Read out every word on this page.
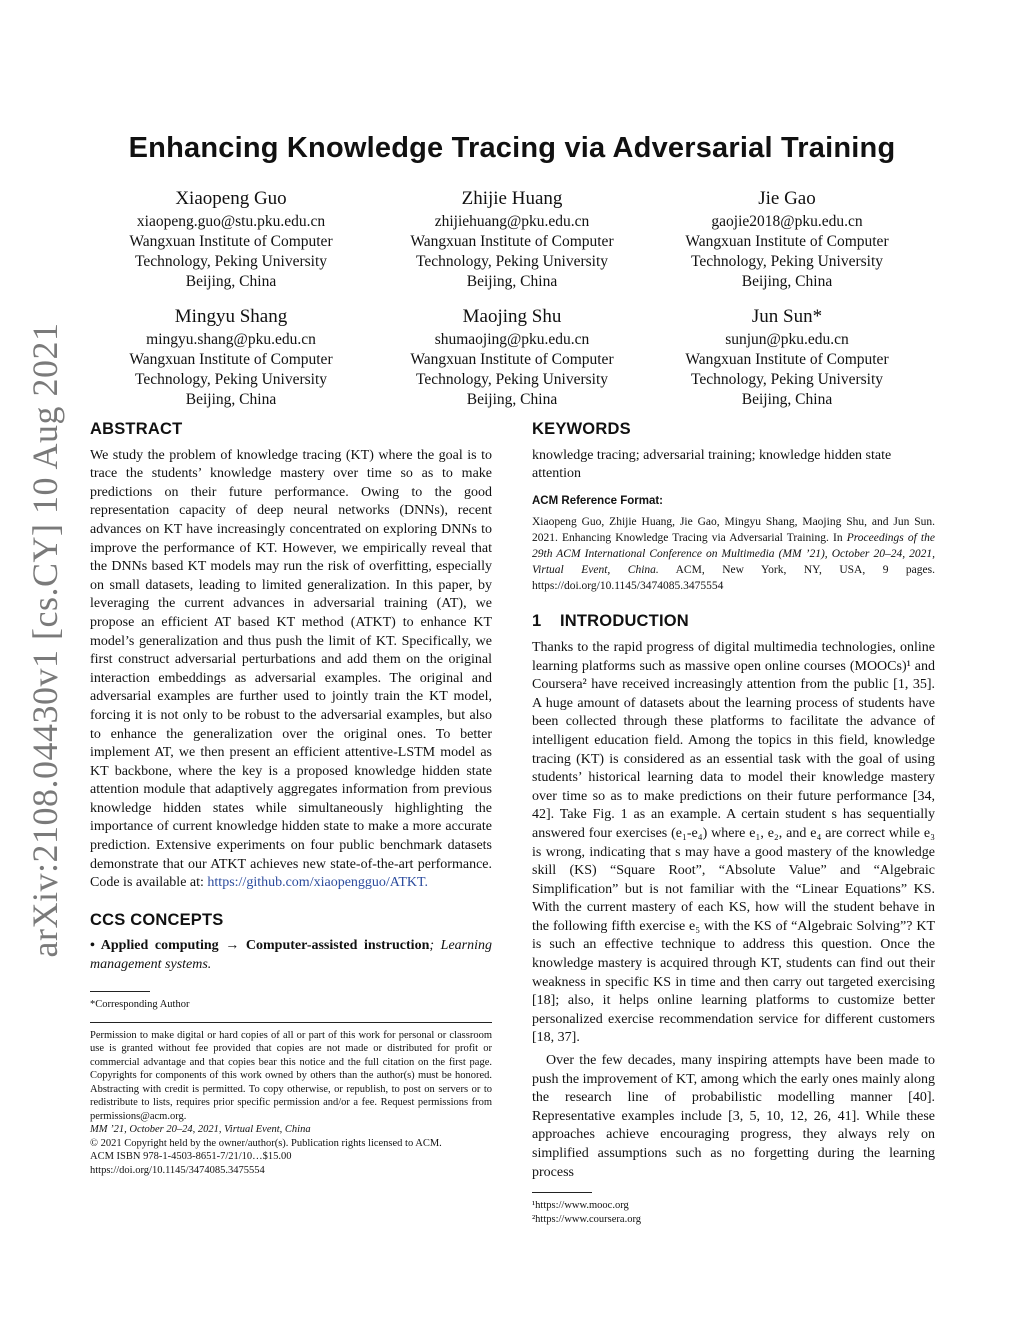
arXiv:2108.04430v1 [cs.CY] 10 Aug 2021
Enhancing Knowledge Tracing via Adversarial Training
Xiaopeng Guo
xiaopeng.guo@stu.pku.edu.cn
Wangxuan Institute of Computer
Technology, Peking University
Beijing, China
Zhijie Huang
zhijiehuang@pku.edu.cn
Wangxuan Institute of Computer
Technology, Peking University
Beijing, China
Jie Gao
gaojie2018@pku.edu.cn
Wangxuan Institute of Computer
Technology, Peking University
Beijing, China
Mingyu Shang
mingyu.shang@pku.edu.cn
Wangxuan Institute of Computer
Technology, Peking University
Beijing, China
Maojing Shu
shumaojing@pku.edu.cn
Wangxuan Institute of Computer
Technology, Peking University
Beijing, China
Jun Sun*
sunjun@pku.edu.cn
Wangxuan Institute of Computer
Technology, Peking University
Beijing, China
ABSTRACT

We study the problem of knowledge tracing (KT) where the goal is to trace the students’ knowledge mastery over time so as to make predictions on their future performance. Owing to the good representation capacity of deep neural networks (DNNs), recent advances on KT have increasingly concentrated on exploring DNNs to improve the performance of KT. However, we empirically reveal that the DNNs based KT models may run the risk of overfitting, especially on small datasets, leading to limited generalization. In this paper, by leveraging the current advances in adversarial training (AT), we propose an efficient AT based KT method (ATKT) to enhance KT model’s generalization and thus push the limit of KT. Specifically, we first construct adversarial perturbations and add them on the original interaction embeddings as adversarial examples. The original and adversarial examples are further used to jointly train the KT model, forcing it is not only to be robust to the adversarial examples, but also to enhance the generalization over the original ones. To better implement AT, we then present an efficient attentive-LSTM model as KT backbone, where the key is a proposed knowledge hidden state attention module that adaptively aggregates information from previous knowledge hidden states while simultaneously highlighting the importance of current knowledge hidden state to make a more accurate prediction. Extensive experiments on four public benchmark datasets demonstrate that our ATKT achieves new state-of-the-art performance. Code is available at: https://github.com/xiaopengguo/ATKT.

CCS CONCEPTS

• Applied computing → Computer-assisted instruction; Learning management systems.

*Corresponding Author

Permission to make digital or hard copies of all or part of this work for personal or classroom use is granted without fee provided that copies are not made or distributed for profit or commercial advantage and that copies bear this notice and the full citation on the first page. Copyrights for components of this work owned by others than the author(s) must be honored. Abstracting with credit is permitted. To copy otherwise, or republish, to post on servers or to redistribute to lists, requires prior specific permission and/or a fee. Request permissions from permissions@acm.org.

MM ’21, October 20–24, 2021, Virtual Event, China

© 2021 Copyright held by the owner/author(s). Publication rights licensed to ACM.

ACM ISBN 978-1-4503-8651-7/21/10…$15.00

https://doi.org/10.1145/3474085.3475554

KEYWORDS

knowledge tracing; adversarial training; knowledge hidden state attention

ACM Reference Format:

Xiaopeng Guo, Zhijie Huang, Jie Gao, Mingyu Shang, Maojing Shu, and Jun Sun. 2021. Enhancing Knowledge Tracing via Adversarial Training. In Proceedings of the 29th ACM International Conference on Multimedia (MM ’21), October 20–24, 2021, Virtual Event, China. ACM, New York, NY, USA, 9 pages. https://doi.org/10.1145/3474085.3475554

1 INTRODUCTION

Thanks to the rapid progress of digital multimedia technologies, online learning platforms such as massive open online courses (MOOCs)¹ and Coursera² have received increasingly attention from the public [1, 35]. A huge amount of datasets about the learning process of students have been collected through these platforms to facilitate the advance of intelligent education field. Among the topics in this field, knowledge tracing (KT) is considered as an essential task with the goal of using students’ historical learning data to model their knowledge mastery over time so as to make predictions on their future performance [34, 42]. Take Fig. 1 as an example. A certain student s has sequentially answered four exercises (e₁-e₄) where e₁, e₂, and e₄ are correct while e₃ is wrong, indicating that s may have a good mastery of the knowledge skill (KS) “Square Root”, “Absolute Value” and “Algebraic Simplification” but is not familiar with the “Linear Equations” KS. With the current mastery of each KS, how will the student behave in the following fifth exercise e₅ with the KS of “Algebraic Solving”? KT is such an effective technique to address this question. Once the knowledge mastery is acquired through KT, students can find out their weakness in specific KS in time and then carry out targeted exercising [18]; also, it helps online learning platforms to customize better personalized exercise recommendation service for different customers [18, 37].

Over the few decades, many inspiring attempts have been made to push the improvement of KT, among which the early ones mainly along the research line of probabilistic modelling manner [40]. Representative examples include [3, 5, 10, 12, 26, 41]. While these approaches achieve encouraging progress, they always rely on simplified assumptions such as no forgetting during the learning process

¹https://www.mooc.org

²https://www.coursera.org
